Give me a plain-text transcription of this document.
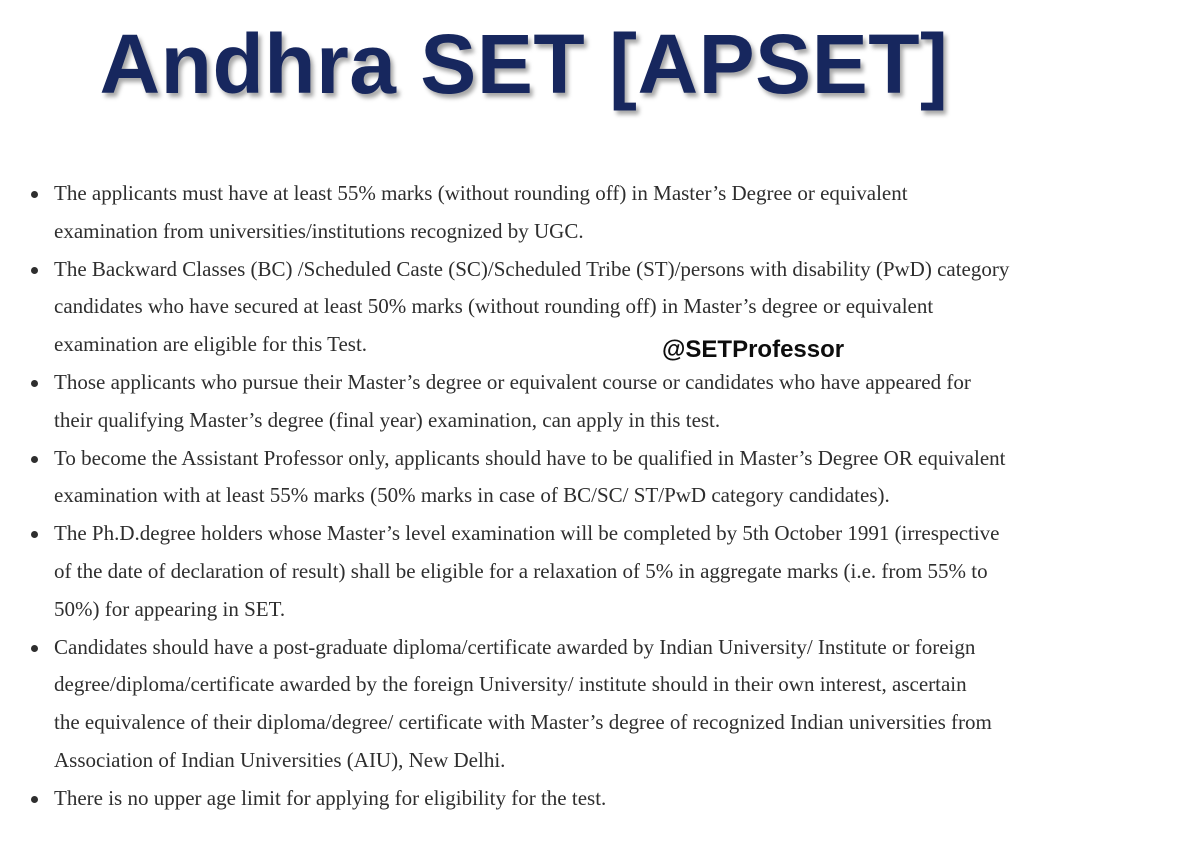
Andhra SET [APSET]
The applicants must have at least 55% marks (without rounding off) in Master’s Degree or equivalent
examination from universities/institutions recognized by UGC.
The Backward Classes (BC) /Scheduled Caste (SC)/Scheduled Tribe (ST)/persons with disability (PwD) category
candidates who have secured at least 50% marks (without rounding off) in Master’s degree or equivalent
examination are eligible for this Test.
Those applicants who pursue their Master’s degree or equivalent course or candidates who have appeared for
their qualifying Master’s degree (final year) examination, can apply in this test.
To become the Assistant Professor only, applicants should have to be qualified in Master’s Degree OR equivalent
examination with at least 55% marks (50% marks in case of BC/SC/ ST/PwD category candidates).
The Ph.D.degree holders whose Master’s level examination will be completed by 5th October 1991 (irrespective
of the date of declaration of result) shall be eligible for a relaxation of 5% in aggregate marks (i.e. from 55% to
50%) for appearing in SET.
Candidates should have a post-graduate diploma/certificate awarded by Indian University/ Institute or foreign
degree/diploma/certificate awarded by the foreign University/ institute should in their own interest, ascertain
the equivalence of their diploma/degree/ certificate with Master’s degree of recognized Indian universities from
Association of Indian Universities (AIU), New Delhi.
There is no upper age limit for applying for eligibility for the test.
@SETProfessor
